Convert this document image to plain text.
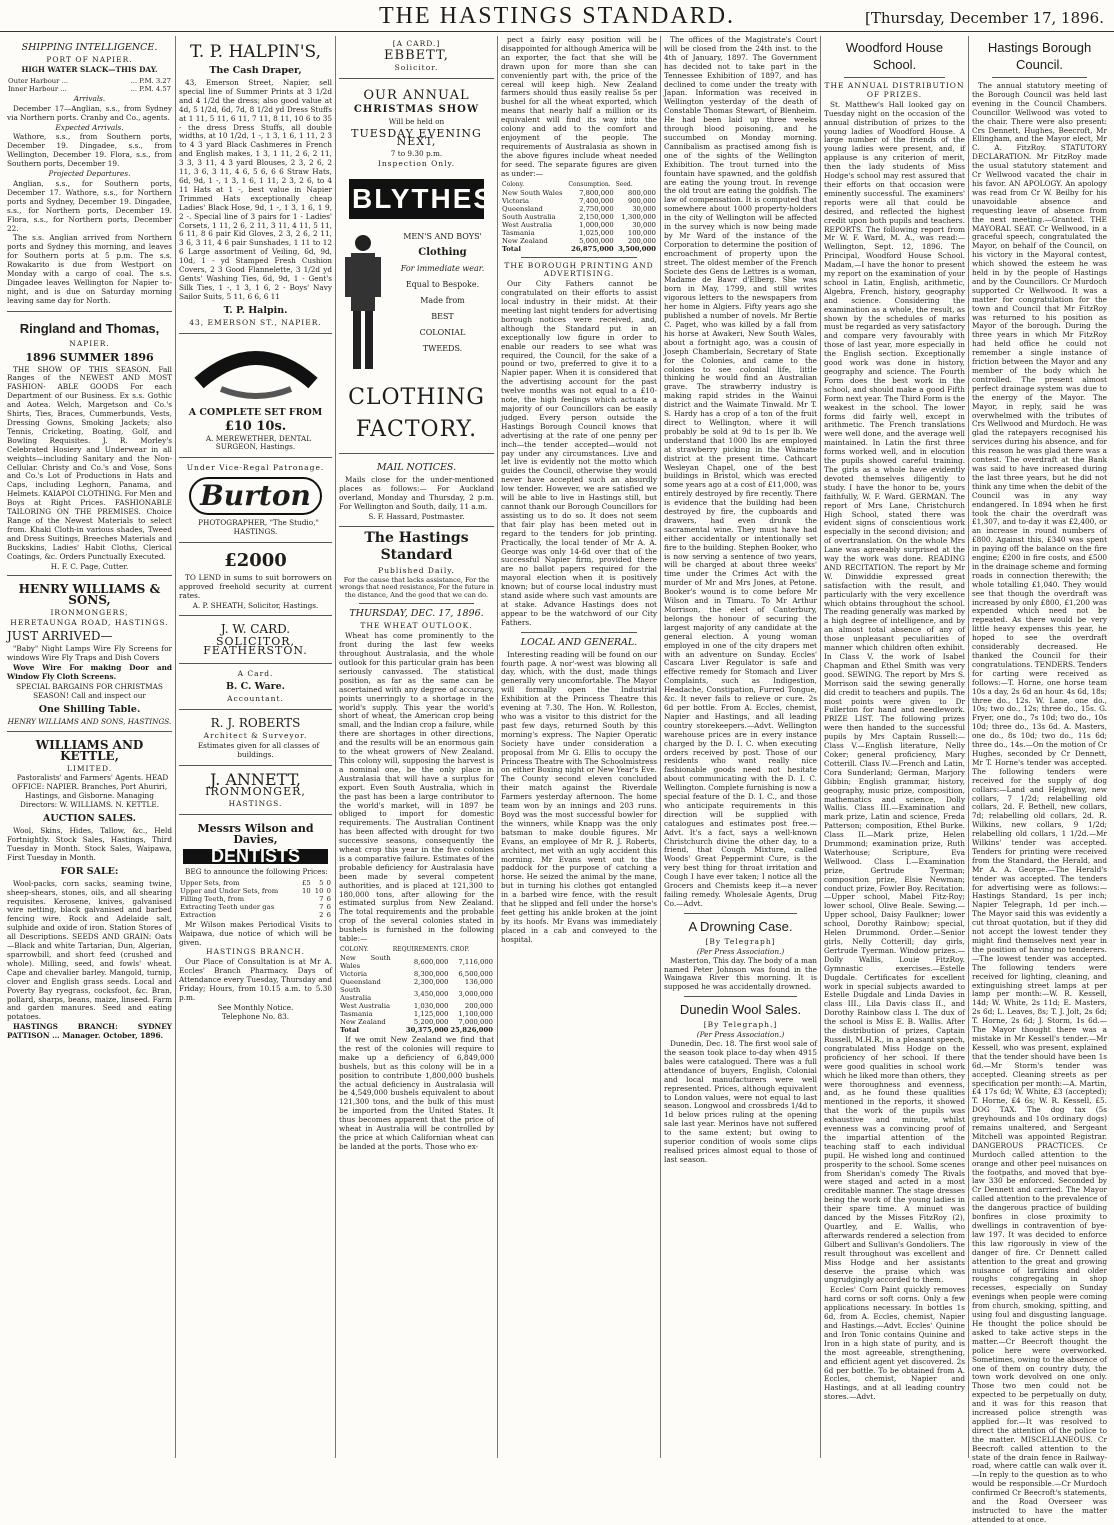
THE HASTINGS STANDARD.	[Thursday, December 17, 1896.
SHIPPING INTELLIGENCE.
PORT OF NAPIER.
HIGH WATER SLACK—THIS DAY.
Outer Harbour ...	... P.M. 3.27
Inner Harbour ...	... P.M. 4.57
Arrivals.

December 17—Anglian, s.s., from Sydney via Northern ports. Cranby and Co., agents.

Expected Arrivals.

Wathore, s.s., from Southern ports, December 19. Dingadee, s.s., from Wellington, December 19. Flora, s.s., from Southern ports, December 19.

Projected Departures.

Anglian, s.s., for Southern ports, December 17. Wathore, s.s., for Northern ports and Sydney, December 19. Dingadee, s.s., for Northern ports, December 19. Flora, s.s., for Northern ports, December 22.

The s.s. Anglian arrived from Northern ports and Sydney this morning, and leaves for Southern ports at 5 p.m. The s.s. Rowakarito is due from Westport on Monday with a cargo of coal. The s.s. Dingadee leaves Wellington for Napier to-night, and is due on Saturday morning leaving same day for North.

Ringland and Thomas,
NAPIER.
1896 SUMMER 1896

THE SHOW OF THIS SEASON. Fall Ranges of the NEWEST AND MOST FASHION- ABLE GOODS For each Department of our Business. Ex s.s. Gothic and Aotea. Welch, Margetson and Co.'s Shirts, Ties, Braces, Cummerbunds, Vests, Dressing Gowns, Smoking Jackets; also Tennis, Cricketing, Boating, Golf, and Bowling Requisites. J. R. Morley's Celebrated Hosiery and Underwear in all weights—including Sanitary and the Non-Cellular. Christy and Co.'s and Vose, Sons and Co.'s Lot of Productions in Hats and Caps, including Leghorn, Panama, and Helmets. KAIAPOI CLOTHING. For Men and Boys at Right Prices. FASHIONABLE TAILORING ON THE PREMISES. Choice Range of the Newest Materials to select from. Khaki Cloth-in various shades, Tweed and Dress Suitings, Breeches Materials and Buckskins, Ladies' Habit Cloths, Clerical Coatings, &c. Orders Punctually Executed.

H. F. C. Page, Cutter.
HENRY WILLIAMS & SONS,
IRONMONGERS,
HERETAUNGA ROAD, HASTINGS.
JUST ARRIVED—

"Baby" Night Lamps Wire Fly Screens for windows Wire Fly Traps and Dish Covers

Wove Wire For making Door and Window Fly Cloth Screens.

SPECIAL BARGAINS FOR CHRISTMAS SEASON! Call and inspect our
One Shilling Table.
HENRY WILLIAMS AND SONS, HASTINGS.
WILLIAMS AND KETTLE,
LIMITED.

Pastoralists' and Farmers' Agents. HEAD OFFICE: NAPIER. Branches, Port Ahuriri, Hastings, and Gisborne. Managing Directors: W. WILLIAMS. N. KETTLE.

AUCTION SALES.

Wool, Skins, Hides, Tallow, &c., Held Fortnightly. Stock Sales, Hastings, Third Tuesday in Month. Stock Sales, Waipawa, First Tuesday in Month.

FOR SALE:

Wool-packs, corn sacks, seaming twine, sheep-shears, stones, oils, and all shearing requisites. Kerosene, knives, galvanised wire netting, black galvanised and barbed fencing wire. Rock and Adelaide salt, sulphide and oxide of iron. Station Stores of all Descriptions. SEEDS AND GRAIN: Oats—Black and white Tartarian, Dun, Algerian, sparrowbill, and short feed (crushed and whole). Milling, seed, and fowls' wheat. Cape and chevalier barley. Mangold, turnip, clover and English grass seeds. Local and Poverty Bay ryegrass, cocksfoot, &c. Bran, pollard, sharps, beans, maize, linseed. Farm and garden manures. Seed and eating potatoes.

HASTINGS BRANCH: SYDNEY PATTISON ... Manager. October, 1896.

T. P. HALPIN'S,
The Cash Draper,

43, Emerson Street, Napier, sell special line of Summer Prints at 3 1/2d and 4 1/2d the dress; also good value at 4d, 5 1/2d, 6d, 7d, 8 1/2d yd Dress Stuffs at 1 11, 5 11, 6 11, 7 11, 8 11, 10 6 to 35 - the dress Dress Stuffs, all double widths, at 10 1/2d, 1 -, 1 3, 1 6, 1 11, 2 3 to 4 3 yard Black Cashmeres in French and English makes, 1 3, 1 11, 2 6, 2 11, 3 3, 3 11, 4 3 yard Blouses, 2 3, 2 6, 2 11, 3 6, 3 11, 4 6, 5 6, 6 6 Straw Hats, 6d, 9d, 1 -, 1 3, 1 6, 1 11, 2 3, 2 6, to 4 11 Hats at 1 -, best value in Napier Trimmed Hats exceptionally cheap Ladies' Black Hose, 9d, 1 -, 1 3, 1 6, 1 9, 2 -. Special line of 3 pairs for 1 - Ladies' Corsets, 1 11, 2 6, 2 11, 3 11, 4 11, 5 11, 6 11, 8 6 pair Kid Gloves, 2 3, 2 6, 2 11, 3 6, 3 11, 4 6 pair Sunshades, 1 11 to 12 6 Large assortment of Veiling, 6d, 9d, 10d, 1 - yd Stamped Fresh Cushion Covers, 2 3 Good Flannelette, 3 1/2d yd Gents' Washing Ties, 6d, 9d, 1 - Gent's Silk Ties, 1 -, 1 3, 1 6, 2 - Boys' Navy Sailor Suits, 5 11, 6 6, 6 11

T. P. Halpin.
43, EMERSON ST., NAPIER.
A COMPLETE SET FROM
£10 10s.

A. MEREWETHER, DENTAL SURGEON, Hastings.

Under Vice-Regal Patronage.
Burton

PHOTOGRAPHER, "The Studio," HASTINGS.

£2000

TO LEND in sums to suit borrowers on approved freehold security at current rates.

A. P. SHEATH, Solicitor, Hastings.
J. W. CARD.
SOLICITOR, FEATHERSTON.
A Card.
B. C. Ware.
Accountant.
R. J. ROBERTS
Architect & Surveyor.

Estimates given for all classes of buildings.

J. ANNETT,
IRONMONGER,
HASTINGS.
Messrs Wilson and Davies,
DENTISTS

BEG to announce the following Prices:

Upper Sets, from	£5	5	0
Upper and Under Sets, from	10	10	0
Filling Teeth, from		7	6
Extracting Teeth under gas		7	6
Extraction		2	6

Mr Wilson makes Periodical Visits to Waipawa, due notice of which will be given.

HASTINGS BRANCH.

Our Place of Consultation is at Mr A. Eccles' Branch Pharmacy. Days of Attendance every Tuesday, Thursday and Friday; Hours, from 10.15 a.m. to 5.30 p.m.

See Monthly Notice.
Telephone No. 83.
[A CARD.]
EBBETT,
Solicitor.
OUR ANNUAL
CHRISTMAS SHOW
Will be held on
TUESDAY EVENING NEXT,
7 to 9.30 p.m.
Inspection Only.
BLYTHES
MEN'S AND BOYS'
Clothing
For immediate wear.
Equal to Bespoke.
Made from
BEST
COLONIAL
TWEEDS.
CLOTHING
FACTORY.
MAIL NOTICES.

Mails close for the under-mentioned places as follows:— For Auckland overland, Monday and Thursday, 2 p.m. For Wellington and South, daily, 11 a.m.

S. F. Hassard, Postmaster.
The Hastings Standard
Published Daily.

For the cause that lacks assistance, For the wrongs that need resistance, For the future in the distance, And the good that we can do.

THURSDAY, DEC. 17, 1896.
THE WHEAT OUTLOOK.

Wheat has come prominently to the front during the last few weeks throughout Australasia, and the whole outlook for this particular grain has been seriously canvassed. The statistical position, as far as the same can be ascertained with any degree of accuracy, points unerringly to a shortage in the world's supply. This year the world's short of wheat, the American crop being small, and the Indian crop a failure, while there are shortages in other directions, and the results will be an enormous gain to the wheat growers of New Zealand. This colony will, supposing the harvest is a nominal one, be the only place in Australasia that will have a surplus for export. Even South Australia, which in the past has been a large contributor to the world's market, will in 1897 be obliged to import for domestic requirements. The Australian Continent has been affected with drought for two successive seasons, consequently the wheat crop this year in the five colonies is a comparative failure. Estimates of the probable deficiency for Australasia have been made by several competent authorities, and is placed at 121,300 to 180,000 tons, after allowing for the estimated surplus from New Zealand. The total requirements and the probable crop of the several colonies stated in bushels is furnished in the following table:—

COLONY.	REQUIREMENTS.	CROP.
New South Wales	8,600,000	7,116,000
Victoria	8,300,000	6,500,000
Queensland	2,300,000	136,000
South Australia	3,450,000	3,000,000
West Australia	1,030,000	200,000
Tasmania	1,125,000	1,100,000
New Zealand	5,200,000	7,000,000
Total	30,375,000	25,826,000

If we omit New Zealand we find that the rest of the colonies will require to make up a deficiency of 6,849,000 bushels, but as this colony will be in a position to contribute 1,800,000 bushels the actual deficiency in Australasia will be 4,549,000 bushels equivalent to about 121,300 tons, and the bulk of this must be imported from the United States. It thus becomes apparent that the price of wheat in Australia will be controlled by the price at which Californian wheat can be landed at the ports. Those who ex-

pect a fairly easy position will be disappointed for although America will be an exporter, the fact that she will be drawn upon for more than she can conveniently part with, the price of the cereal will keep high. New Zealand farmers should thus easily realise 5s per bushel for all the wheat exported, which means that nearly half a million or its equivalent will find its way into the colony and add to the comfort and enjoyment of the people. The requirements of Australasia as shown in the above figures include wheat needed for seed. The separate figures are given as under:—

Colony.	Consumption.	Seed.
New South Wales	7,800,000	800,000
Victoria	7,400,000	900,000
Queensland	2,750,000	30,000
South Australia	2,150,000	1,300,000
West Australia	1,000,000	30,000
Tasmania	1,025,000	100,000
New Zealand	5,000,000	200,000
Total	26,875,000	3,500,000
THE BOROUGH PRINTING AND ADVERTISING.

Our City Fathers cannot be congratulated on their efforts to assist local industry in their midst. At their meeting last night tenders for advertising borough notices were received, and, although the Standard put in an exceptionally low figure in order to enable our readers to see what was required, the Council, for the sake of a pound or two, preferred to give it to a Napier paper. When it is considered that the advertising account for the past twelve months was not equal to a £10-note, the high feelings which actuate a majority of our Councillors can be easily judged. Every person outside the Hastings Borough Council knows that advertising at the rate of one penny per inch—the tender accepted—would not pay under any circumstances. Live and let live is evidently not the motto which guides the Council, otherwise they would never have accepted such an absurdly low tender. However, we are satisfied we will be able to live in Hastings still, but cannot thank our Borough Councillors for assisting us to do so. It does not seem that fair play has been meted out in regard to the tenders for job printing. Practically, the local tender of Mr A. A. George was only 14-6d over that of the successful Napier firm, provided there are no ballot papers required for the mayoral election when it is positively known; but of course local industry must stand aside where such vast amounts are at stake. Advance Hastings does not appear to be the watchword of our City Fathers.

LOCAL AND GENERAL.

Interesting reading will be found on our fourth page. A nor'-west was blowing all day, which, with the dust, made things generally very uncomfortable. The Mayor will formally open the Industrial Exhibition at the Princess Theatre this evening at 7.30. The Hon. W. Rolleston, who was a visitor to this district for the past few days, returned South by this morning's express. The Napier Operatic Society have under consideration a proposal from Mr G. Ellis to occupy the Princess Theatre with The Schoolmistress on either Boxing night or New Year's Eve. The County second eleven concluded their match against the Riverdale Farmers yesterday afternoon. The home team won by an innings and 203 runs. Boyd was the most successful bowler for the winners, while Knapp was the only batsman to make double figures. Mr Evans, an employee of Mr R. J. Roberts, architect, met with an ugly accident this morning. Mr Evans went out to the paddock for the purpose of catching a horse. He seized the animal by the mane, but in turning his clothes got entangled in a barbed wire fence, with the result that he slipped and fell under the horse's feet getting his ankle broken at the joint by its hoofs. Mr Evans was immediately placed in a cab and conveyed to the hospital.

The offices of the Magistrate's Court will be closed from the 24th inst. to the 4th of January, 1897. The Government has decided not to take part in the Tennessee Exhibition of 1897, and has declined to come under the treaty with Japan. Information was received in Wellington yesterday of the death of Constable Thomas Stewart, of Blenheim. He had been laid up three weeks through blood poisoning, and he succumbed on Monday morning. Cannibalism as practised among fish is one of the sights of the Wellington Exhibition. The trout turned into the fountain have spawned, and the goldfish are eating the young trout. In revenge the old trout are eating the goldfish. The law of compensation. It is computed that somewhere about 1000 property-holders in the city of Wellington will be affected in the survey which is now being made by Mr Ward of the instance of the Corporation to determine the position of encroachment of property upon the street. The oldest member of the French Societe des Gens de Lettres is a woman, Madame de Bawr d'Elberg. She was born in May, 1799, and still writes vigorous letters to the newspapers from her home in Algiers. Fifty years ago she published a number of novels. Mr Bertie C. Paget, who was killed by a fall from his horse at Awakeri, New South Wales, about a fortnight ago, was a cousin of Joseph Chamberlain, Secretary of State for the Colonies, and came to the colonies to see colonial life, little thinking he would find an Australian grave. The strawberry industry is making rapid strides in the Wainui district and the Waimate Tinwald. Mr T. S. Hardy has a crop of a ton of the fruit direct to Wellington, where it will probably be sold at 9d to 1s per lb. We understand that 1000 lbs are employed at strawberry picking in the Waimate district at the present time. Cathcart Wesleyan Chapel, one of the best buildings in Bristol, which was erected some years ago at a cost of £11,000, was entirely destroyed by fire recently. There is evidence that the building had been destroyed by fire, the cupboards and drawers, had even drunk the sacramental wine. They must have had either accidentally or intentionally set fire to the building. Stephen Booker, who is now serving a sentence of two years, will be charged at about three weeks' time under the Crimes Act with the murder of Mr and Mrs Jones, at Petone. Booker's wound is to come before Mr Wilson and in Timaru. To Mr Arthur Morrison, the elect of Canterbury, belongs the honour of securing the largest majority of any candidate at the general election. A young woman employed in one of the city drapers met with an adventure on Sunday. Eccles' Cascara Liver Regulator is safe and effective remedy for Stomach and Liver Complaints, such as Indigestion, Headache, Constipation, Furred Tongue, &c. It never fails to relieve or cure. 2s 6d per bottle. From A. Eccles, chemist, Napier and Hastings, and all leading country storekeepers.—Advt. Wellington warehouse prices are in every instance charged by the D. I. C. when executing orders received by post. Those of our residents who want really nice fashionable goods need not hesitate about communicating with the D. I. C. Wellington. Complete furnishing is now a special feature of the D. I. C., and those who anticipate requirements in this direction will be supplied with catalogues and estimates post free.—Advt. It's a fact, says a well-known Christchurch divine the other day, to a friend, that Cough Mixture, called Woods' Great Peppermint Cure, is the very best thing for throat irritation and Cough I have ever taken; I notice all the Grocers and Chemists keep it—a never failing remedy. Wholesale Agents, Drug Co.—Advt.

A Drowning Case.
[By Telegraph]
(Per Press Association.)

Masterton, This day. The body of a man named Peter Johnson was found in the Waingawa River this morning. It is supposed he was accidentally drowned.

Dunedin Wool Sales.
[By Telegraph.]
(Per Press Association.)

Dunedin, Dec. 18. The first wool sale of the season took place to-day when 4915 bales were catalogued. There was a full attendance of buyers, English, Colonial and local manufacturers were well represented. Prices, although equivalent to London values, were not equal to last season. Longwool and crossbreds 1/4d to 1d below prices ruling at the opening sale last year. Merinos have not suffered to the same extent; but owing to superior condition of wools some clips realised prices almost equal to those of last season.

Woodford House School.
THE ANNUAL DISTRIBUTION OF PRIZES.

St. Matthew's Hall looked gay on Tuesday night on the occasion of the annual distribution of prizes to the young ladies of Woodford House. A large number of the friends of the young ladies were present, and, if applause is any criterion of merit, then the lady students of Miss Hodge's school may rest assured that their efforts on that occasion were eminently successful. The examiners' reports were all that could be desired, and reflected the highest credit upon both pupils and teachers. REPORTS. The following report from Mr W. F. Ward, M. A., was read:— Wellington, Sept. 12, 1896. The Principal, Woodford House School. Madam,—I have the honor to present my report on the examination of your school in Latin, English, arithmetic, Algebra, French, history, geography and science. Considering the examination as a whole, the result, as shown by the schedules of marks must be regarded as very satisfactory and compare very favourably with those of last year, more especially in the English section. Exceptionally good work was done in history, geography and science. The Fourth Form does the best work in the school, and should make a good Fifth Form next year. The Third Form is the weakest in the school. The lower forms did fairly well, except in arithmetic. The French translations were well done, and the average well maintained. In Latin the first three forms worked well, and in elocution the pupils showed careful training. The girls as a whole have evidently devoted themselves diligently to study. I have the honor to be, yours faithfully, W. F. Ward. GERMAN. The report of Mrs Lane, Christchurch High School, stated there was evident signs of conscientious work especially in the second division; and of overtranslation. On the whole Mrs Lane was agreeably surprised at the way the work was done. READING AND RECITATION. The report by Mr W. Dinwiddie expressed great satisfaction with the result, and particularly with the very excellence which obtains throughout the school. The reading generally was marked by a high degree of intelligence, and by an almost total absence of any of those unpleasant peculiarities of manner which children often exhibit. In Class V. the work of Isabel Chapman and Ethel Smith was very good. SEWING. The report by Mrs S. Morrison said the sewing generally did credit to teachers and pupils. The most points were given to Dr Fullerton for hand and needlework. PRIZE LIST. The following prizes were then handed to the successful pupils by Mrs Captain Russell:— Class V.—English literature, Nelly Coker; general proficiency, Mary Cotterill. Class IV.—French and Latin, Cora Sunderland; German, Marjory Gibbin; English grammar, history, geography, music prize, composition, mathematics and science, Dolly Wallis. Class III.—Examination and mark prize, Latin and science, Freda Patterson; composition, Ethel Burke. Class II.—Mark prize, Helen Drummond; examination prize, Ruth Waterhouse; Scripture, Eva Wellwood. Class I.—Examination prize, Gertrude Tyerman; composition prize, Elsie Newman; conduct prize, Fowler Boy. Recitation.—Upper school, Mabel Fitz-Roy; lower school, Olive Beale. Sewing.—Upper school, Daisy Faulkner; lower school, Dorothy Rainbow; special, Helen Drummond. Order.—Senior girls, Nelly Cotterill; day girls, Gertrude Tyerman. Window prizes.—Dolly Wallis, Louie FitzRoy. Gymnastic exercises.—Estelle Dugdale. Certificates for excellent work in special subjects awarded to Estelle Dugdale and Linda Davies in class III., Lila Davis class II., and Dorothy Rainbow class I. The dux of the school is Miss E. B. Wallis. After the distribution of prizes, Captain Russell, M.H.R., in a pleasant speech, congratulated Miss Hodge on the proficiency of her school. If there were good qualities in school work which he liked more than others, they were thoroughness and evenness, and, as he found these qualities mentioned in the reports, it showed that the work of the pupils was exhaustive and minute, whilst evenness was a convincing proof of the impartial attention of the teaching staff to each individual pupil. He wished long and continued prosperity to the school. Some scenes from Sheridan's comedy The Rivals were staged and acted in a most creditable manner. The stage dresses being the work of the young ladies in their spare time. A minuet was danced by the Misses FitzRoy (2), Quartley, and E. Wallis, who afterwards rendered a selection from Gilbert and Sullivan's Gondoliers. The result throughout was excellent and Miss Hodge and her assistants deserve the praise which was ungrudgingly accorded to them.

Eccles' Corn Paint quickly removes hard corns or soft corns. Only a few applications necessary. In bottles 1s 6d, from A. Eccles, chemist, Napier and Hastings.—Advt. Eccles' Quinine and Iron Tonic contains Quinine and Iron in a high state of purity, and is the most agreeable, strengthening, and efficient agent yet discovered. 2s 6d per bottle. To be obtained from A. Eccles, chemist, Napier and Hastings, and at all leading country stores.—Advt.

Hastings Borough Council.

The annual statutory meeting of the Borough Council was held last evening in the Council Chambers. Councillor Wellwood was voted to the chair. There were also present: Crs Dennett, Hughes, Beecroft, Mr Ellingham, and the Mayor elect, Mr C. A. FitzRoy. STATUTORY DECLARATION. Mr FitzRoy made the usual statutory statement and Cr Wellwood vacated the chair in his favor. AN APOLOGY. An apology was read from Cr W. Beilby for his unavoidable absence and requesting leave of absence from the next meeting.—Granted. THE MAYORAL SEAT. Cr Wellwood, in a graceful speech, congratulated the Mayor, on behalf of the Council, on his victory in the Mayoral contest, which showed the esteem he was held in by the people of Hastings and by the Councillors. Cr Murdoch supported Cr Wellwood. It was a matter for congratulation for the town and Council that Mr FitzRoy was returned to his position as Mayor of the borough. During the three years in which Mr FitzRoy had held office he could not remember a single instance of friction between the Mayor and any member of the body which he controlled. The present almost perfect drainage system was due to the energy of the Mayor. The Mayor, in reply, said he was overwhelmed with the tributes of Crs Wellwood and Murdoch. He was glad the ratepayers recognised his services during his absence, and for this reason he was glad there was a contest. The overdraft at the Bank was said to have increased during the last three years, but he did not think any time when the debit of the Council was in any way endangered. In 1894 when he first took the chair the overdraft was £1,307, and to-day it was £2,400, or an increase in round numbers of £800. Against this, £340 was spent in paying off the balance on the fire engine; £200 in fire costs, and £500 in the drainage scheme and forming roads in connection therewith; the whole totalling £1,040. They would see that though the overdraft was increased by only £800, £1,200 was expended which need not be repeated. As there would be very little heavy expenses this year, he hoped to see the overdraft considerably decreased. He thanked the Council for their congratulations. TENDERS. Tenders for carting were received as follows:—T. Horne, one horse team 10s a day, 2s 6d an hour. 4s 6d, 18s; three do., 12s. W. Lane, one do., 10s; two do., 12s; three do., 15s. G. Fryer, one do., 7s 10d; two do., 10s 10d; three do., 13s 6d. A. Masters, one do., 8s 10d; two do., 11s 6d; three do., 14s.—On the motion of Cr Hughes, seconded by Cr Dennett, Mr T. Horne's tender was accepted. The following tenders were received for the supply of dog collars:—Land and Heighway, new collars, 7 1/2d; relabelling old collars, 2d. F. Bethell, new collars, 7d; relabelling old collars, 2d. R. Wilkins, new collars, 9 1/2d; relabelling old collars, 1 1/2d.—Mr Wilkins' tender was accepted. Tenders for printing were received from the Standard, the Herald, and Mr A. A. George.—The Herald's tender was accepted. The tenders for advertising were as follows:—Hastings Standard, 1s per inch; Napier Telegraph, 1d per inch.—The Mayor said this was evidently a cut throat quotation, but if they did not accept the lowest tender they might find themselves next year in the position of having no tenderers.—The lowest tender was accepted. The following tenders were received for lighting, cleaning, and extinguishing street lamps at per lamp per month:—W. R. Kessell, 14d; W. White, 2s 11d; E. Masters, 2s 6d; L. Leaves, 8s; T. J. Jolt, 2s 6d; T. Horne, 2s 6d; J. Storm, 1s 6d.—The Mayor thought there was a mistake in Mr Kessell's tender.—Mr Kessell, who was present, explained that the tender should have been 1s 6d.—Mr Storm's tender was accepted. Cleaning streets as per specification per month:—A. Martin, £4 17s 6d; W. White, £3 (accepted); T. Horne, £4 6s; W. R. Kessell, £5. DOG TAX. The dog tax (5s greyhounds and 10s ordinary dogs) remains unaltered, and Sergeant Mitchell was appointed Registrar. DANGEROUS PRACTICES. Cr Murdoch called attention to the orange and other peel nuisances on the footpaths, and moved that bye-law 330 be enforced. Seconded by Cr Dennett and carried. The Mayor called attention to the prevalence of the dangerous practice of building bonfires in close proximity to dwellings in contravention of bye-law 197. It was decided to enforce this law rigorously in view of the danger of fire. Cr Dennett called attention to the great and growing nuisance of larrikins and older roughs congregating in shop recesses, especially on Sunday evenings when people were coming from church, smoking, spitting, and using foul and disgusting language. He thought the police should be asked to take active steps in the matter.—Cr Beecroft thought the police here were overworked. Sometimes, owing to the absence of one of them on country duty, the town work devolved on one only. Those two men could not be expected to be perpetually on duty, and it was for this reason that increased police strength was applied for.—It was resolved to direct the attention of the police to the matter. MISCELLANEOUS. Cr Beecroft called attention to the state of the drain fence in Railway-road, where cattle can walk over it.—In reply to the question as to who would be responsible.—Cr Murdoch confirmed Cr Beecroft's statements, and the Road Overseer was instructed to have the matter attended to at once.
